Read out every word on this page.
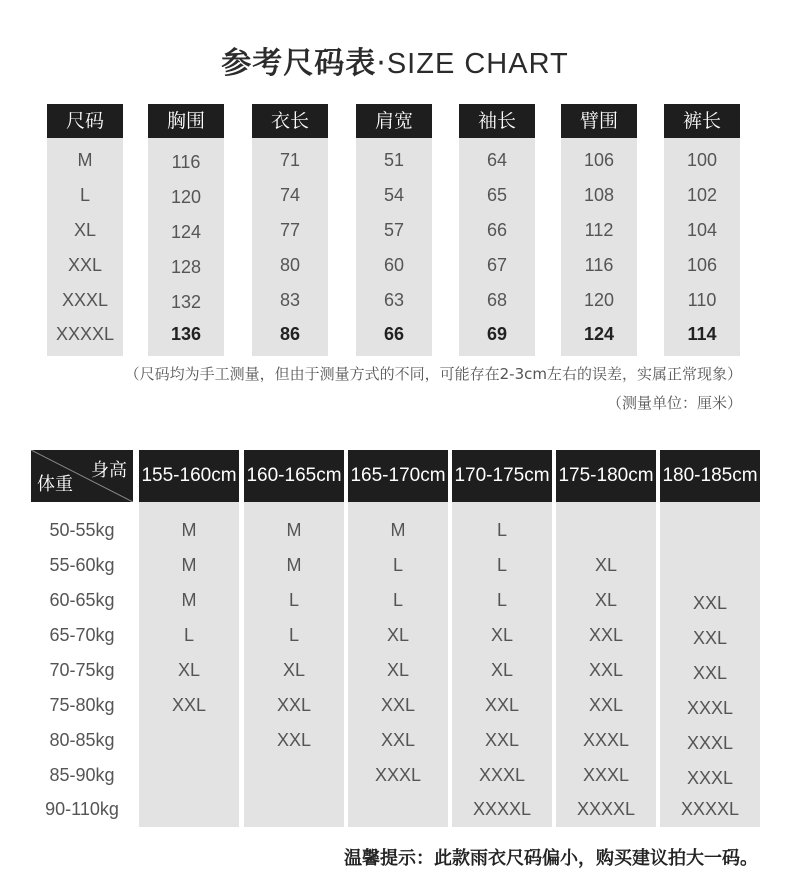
参考尺码表·SIZE CHART
尺码
M
L
XL
XXL
XXXL
XXXXL
胸围
116
120
124
128
132
136
衣长
71
74
77
80
83
86
肩宽
51
54
57
60
63
66
袖长
64
65
66
67
68
69
臂围
106
108
112
116
120
124
裤长
100
102
104
106
110
114
（尺码均为手工测量，但由于测量方式的不同，可能存在2-3cm左右的误差，实属正常现象）
（测量单位：厘米）
身高
体重
50-55kg
55-60kg
60-65kg
65-70kg
70-75kg
75-80kg
80-85kg
85-90kg
90-110kg
155-160cm
M
M
M
L
XL
XXL
160-165cm
M
M
L
L
XL
XXL
XXL
165-170cm
M
L
L
XL
XL
XXL
XXL
XXXL
170-175cm
L
L
L
XL
XL
XXL
XXL
XXXL
XXXXL
175-180cm
XL
XL
XXL
XXL
XXL
XXXL
XXXL
XXXXL
180-185cm
XXL
XXL
XXL
XXXL
XXXL
XXXL
XXXXL
温馨提示：此款雨衣尺码偏小，购买建议拍大一码。
